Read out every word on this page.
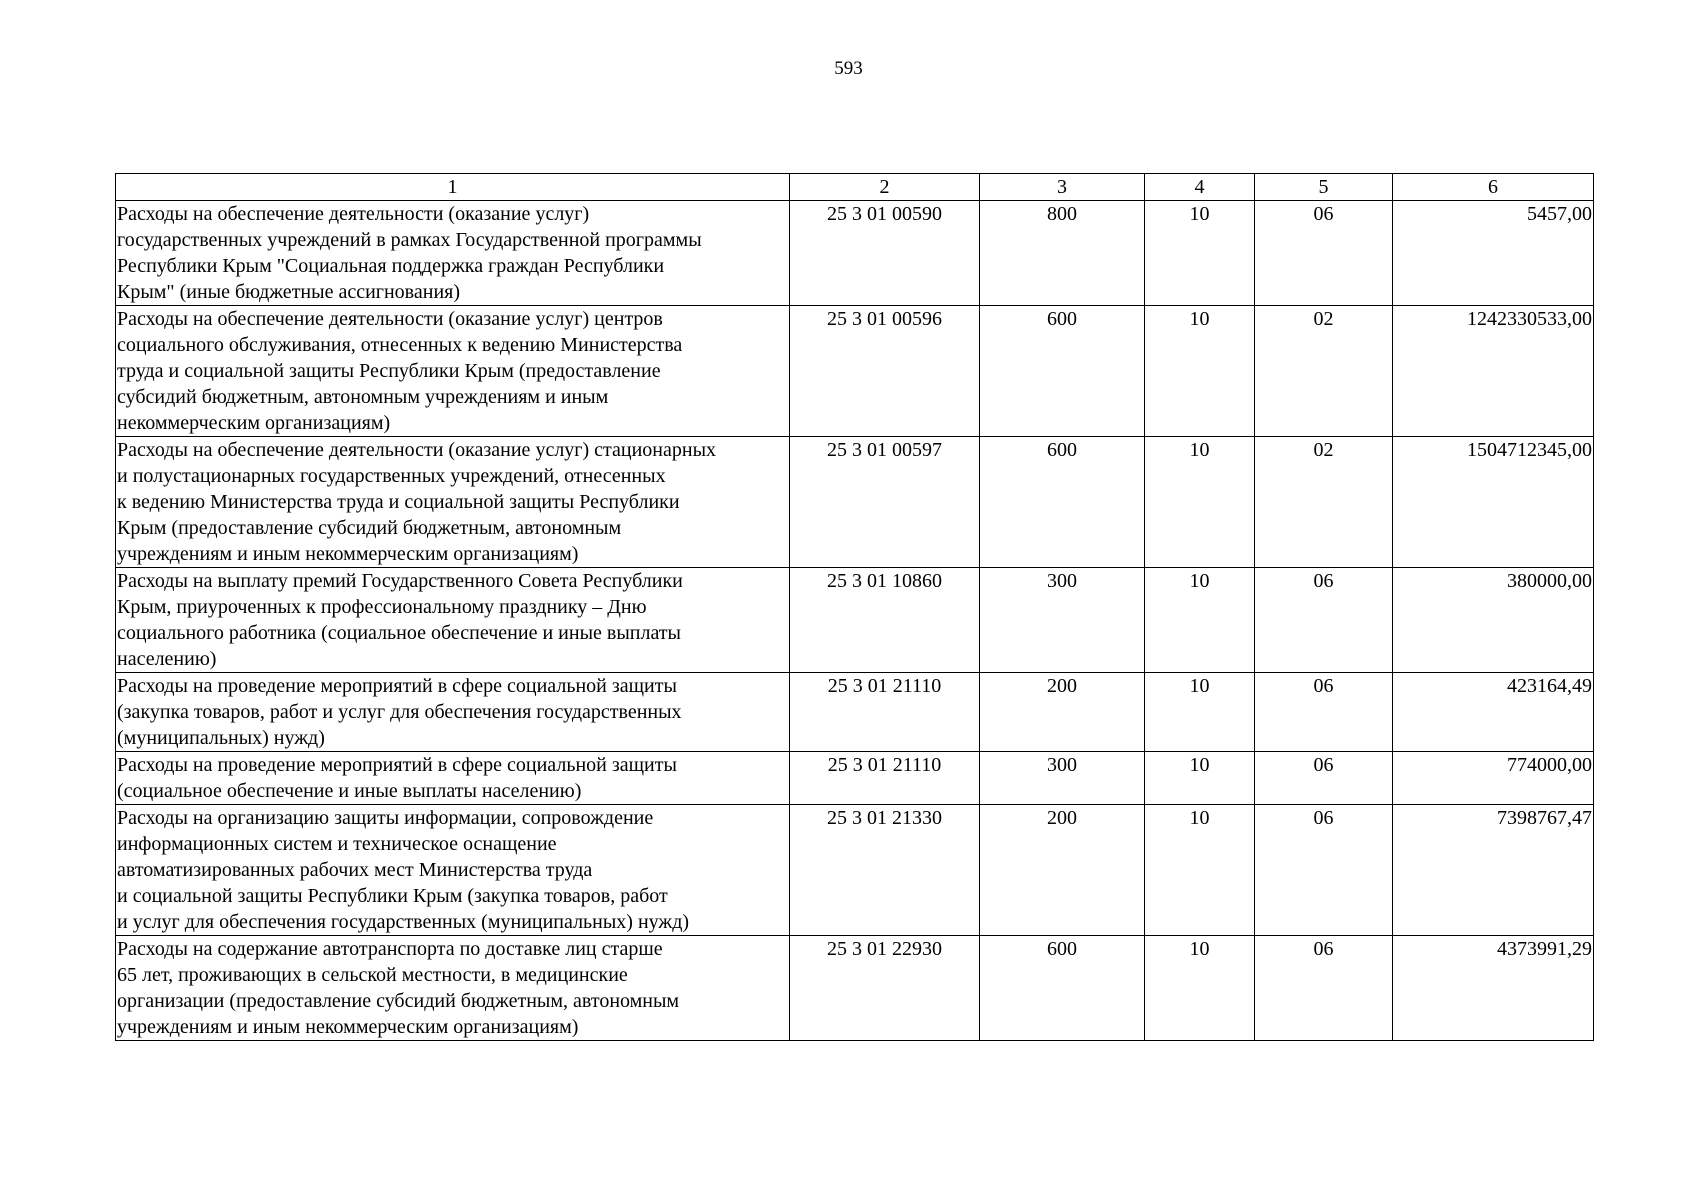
593
1	2	3	4	5	6
Расходы на обеспечение деятельности (оказание услуг)
государственных учреждений в рамках Государственной программы
Республики Крым "Социальная поддержка граждан Республики
Крым" (иные бюджетные ассигнования)	25 3 01 00590	800	10	06	5457,00
Расходы на обеспечение деятельности (оказание услуг) центров
социального обслуживания, отнесенных к ведению Министерства
труда и социальной защиты Республики Крым (предоставление
субсидий бюджетным, автономным учреждениям и иным
некоммерческим организациям)	25 3 01 00596	600	10	02	1242330533,00
Расходы на обеспечение деятельности (оказание услуг) стационарных
и полустационарных государственных учреждений, отнесенных
к ведению Министерства труда и социальной защиты Республики
Крым (предоставление субсидий бюджетным, автономным
учреждениям и иным некоммерческим организациям)	25 3 01 00597	600	10	02	1504712345,00
Расходы на выплату премий Государственного Совета Республики
Крым, приуроченных к профессиональному празднику – Дню
социального работника (социальное обеспечение и иные выплаты
населению)	25 3 01 10860	300	10	06	380000,00
Расходы на проведение мероприятий в сфере социальной защиты
(закупка товаров, работ и услуг для обеспечения государственных
(муниципальных) нужд)	25 3 01 21110	200	10	06	423164,49
Расходы на проведение мероприятий в сфере социальной защиты
(социальное обеспечение и иные выплаты населению)	25 3 01 21110	300	10	06	774000,00
Расходы на организацию защиты информации, сопровождение
информационных систем и техническое оснащение
автоматизированных рабочих мест Министерства труда
и социальной защиты Республики Крым (закупка товаров, работ
и услуг для обеспечения государственных (муниципальных) нужд)	25 3 01 21330	200	10	06	7398767,47
Расходы на содержание автотранспорта по доставке лиц старше
65 лет, проживающих в сельской местности, в медицинские
организации (предоставление субсидий бюджетным, автономным
учреждениям и иным некоммерческим организациям)	25 3 01 22930	600	10	06	4373991,29
